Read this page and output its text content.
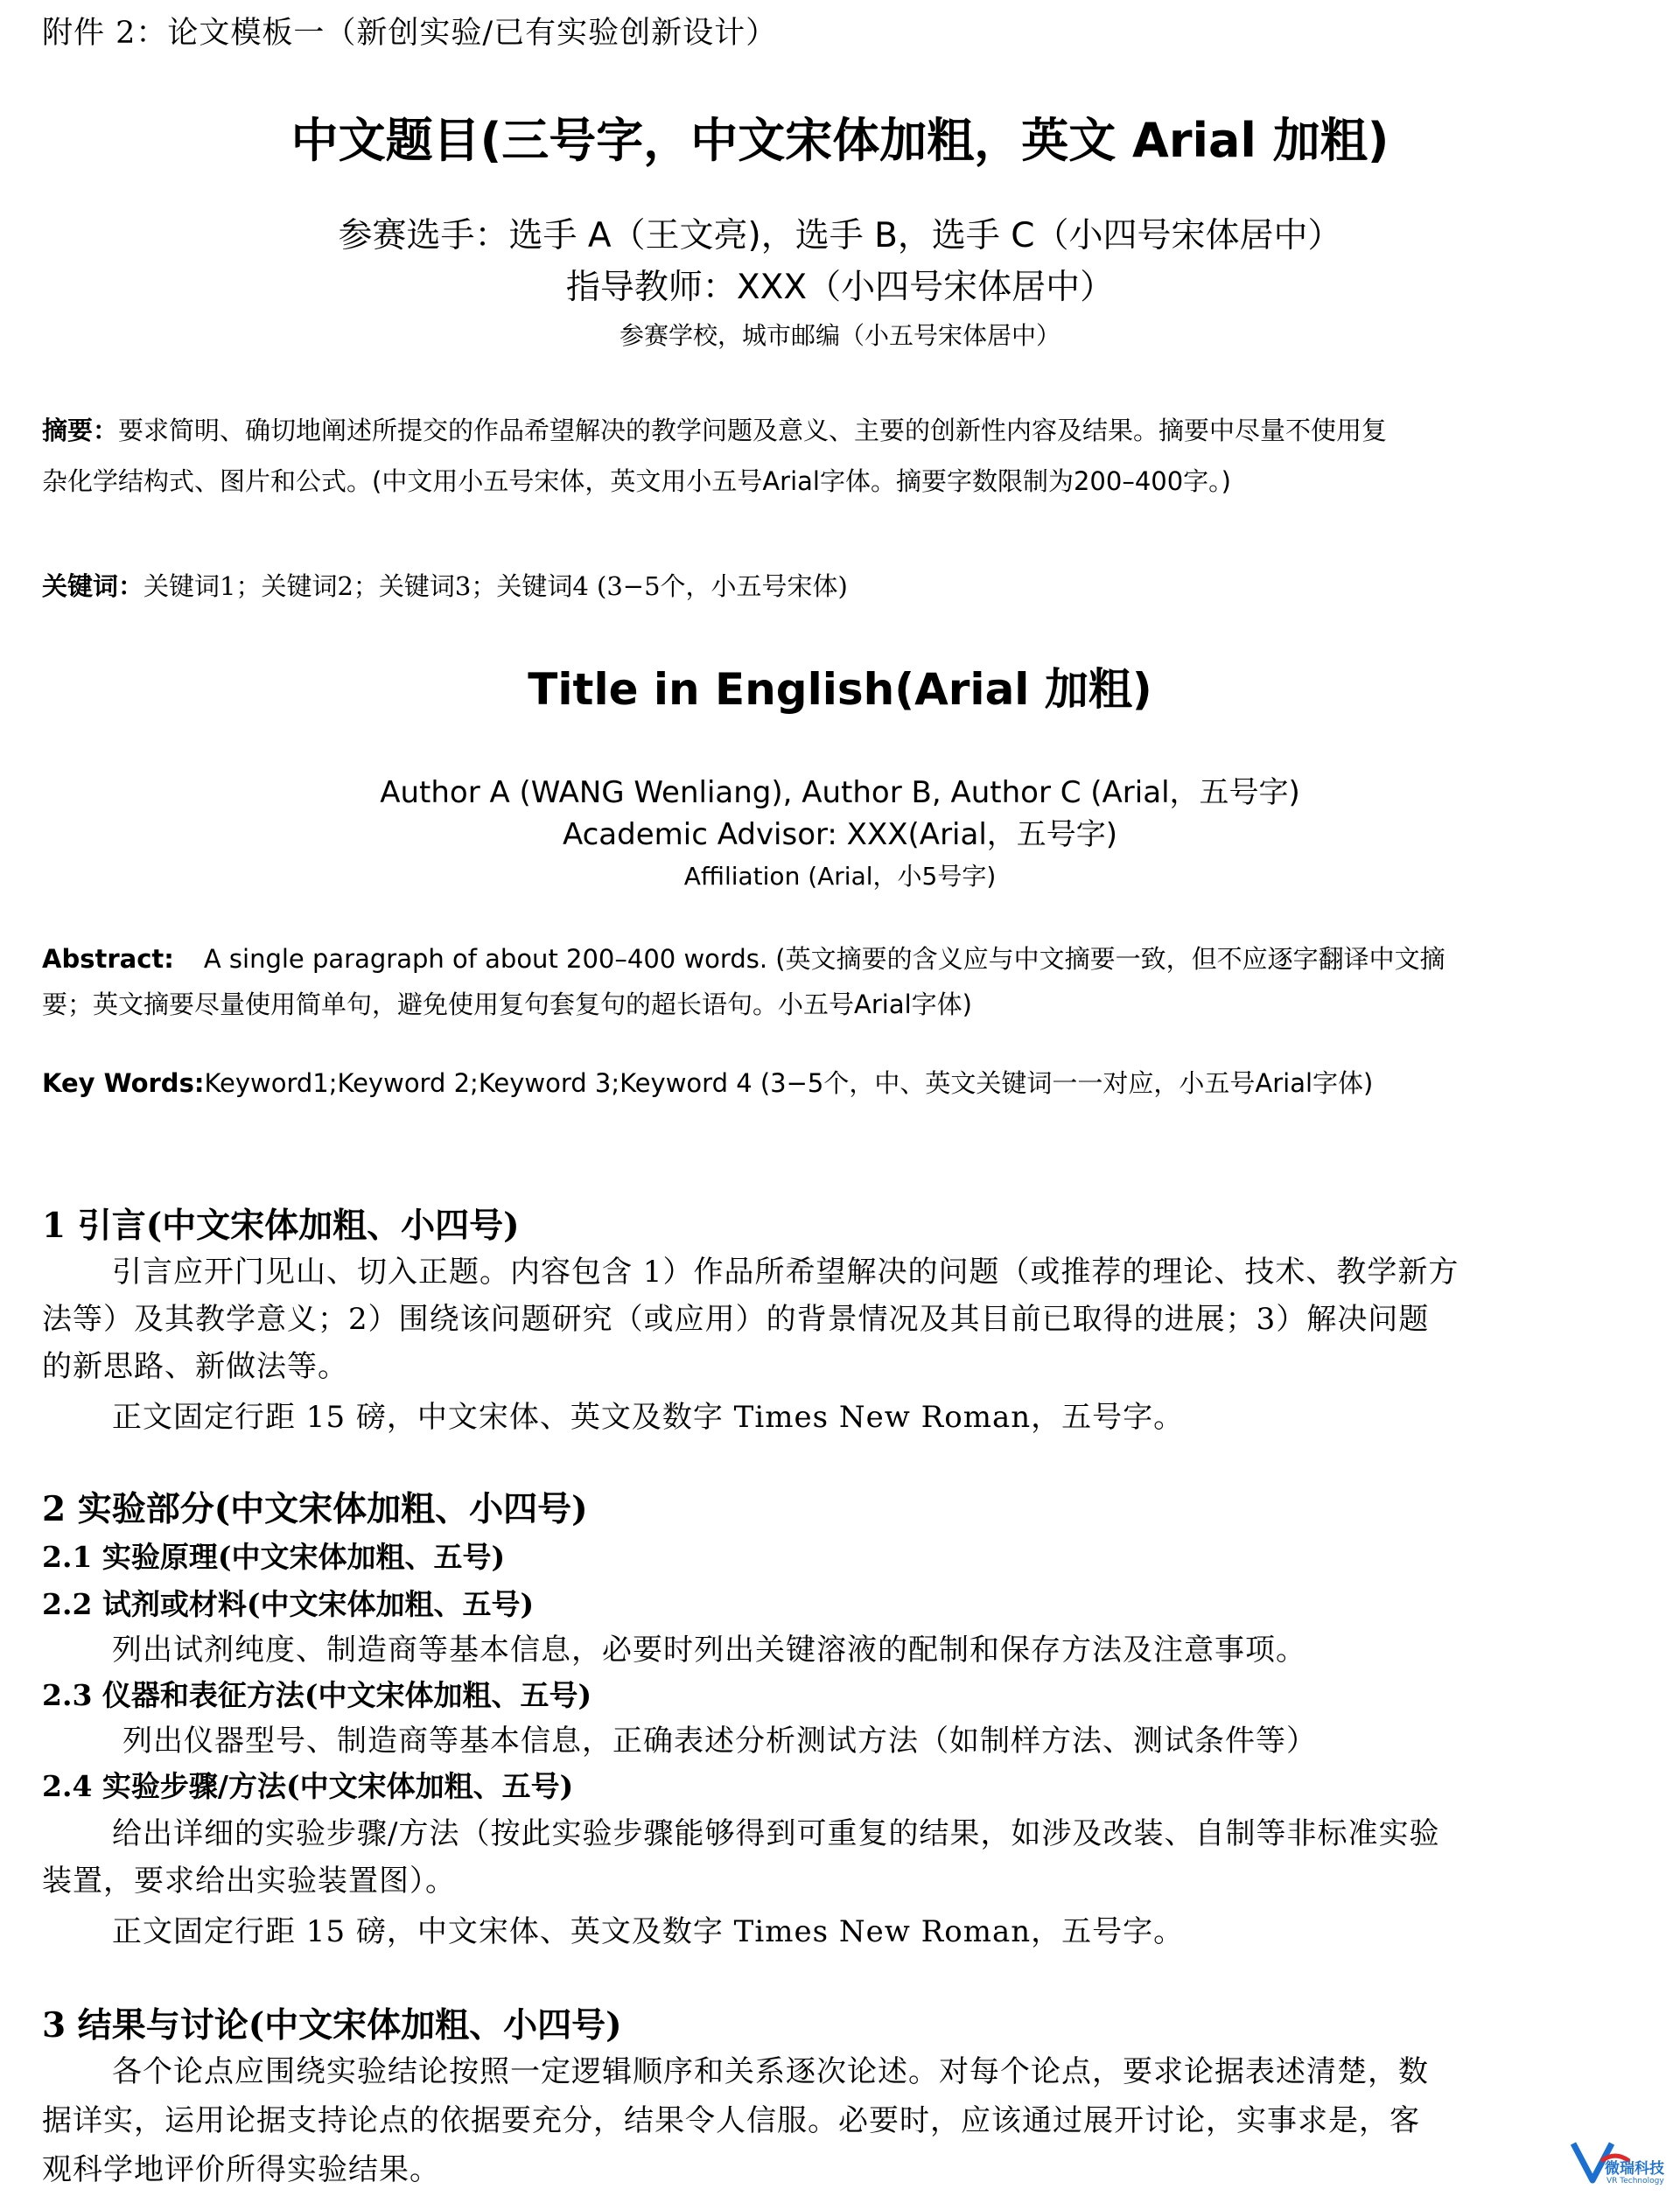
附件 2：论文模板一（新创实验/已有实验创新设计）
中文题目(三号字，中文宋体加粗，英文 Arial 加粗)
参赛选手：选手 A（王文亮)，选手 B，选手 C（小四号宋体居中）
指导教师：XXX（小四号宋体居中）
参赛学校，城市邮编（小五号宋体居中）
摘要：要求简明、确切地阐述所提交的作品希望解决的教学问题及意义、主要的创新性内容及结果。摘要中尽量不使用复
杂化学结构式、图片和公式。(中文用小五号宋体，英文用小五号Arial字体。摘要字数限制为200–400字。)
关键词：关键词1；关键词2；关键词3；关键词4 (3−5个，小五号宋体)
Title in English(Arial 加粗)
Author A (WANG Wenliang), Author B, Author C (Arial，五号字)
Academic Advisor: XXX(Arial，五号字)
Affiliation (Arial，小5号字)
Abstract: A single paragraph of about 200–400 words. (英文摘要的含义应与中文摘要一致，但不应逐字翻译中文摘
要；英文摘要尽量使用简单句，避免使用复句套复句的超长语句。小五号Arial字体)
Key Words:Keyword1;Keyword 2;Keyword 3;Keyword 4 (3−5个，中、英文关键词一一对应，小五号Arial字体)
1 引言(中文宋体加粗、小四号)
引言应开门见山、切入正题。内容包含 1）作品所希望解决的问题（或推荐的理论、技术、教学新方
法等）及其教学意义；2）围绕该问题研究（或应用）的背景情况及其目前已取得的进展；3）解决问题
的新思路、新做法等。
正文固定行距 15 磅，中文宋体、英文及数字 Times New Roman，五号字。
2 实验部分(中文宋体加粗、小四号)
2.1 实验原理(中文宋体加粗、五号)
2.2 试剂或材料(中文宋体加粗、五号)
列出试剂纯度、制造商等基本信息，必要时列出关键溶液的配制和保存方法及注意事项。
2.3 仪器和表征方法(中文宋体加粗、五号)
列出仪器型号、制造商等基本信息，正确表述分析测试方法（如制样方法、测试条件等）
2.4 实验步骤/方法(中文宋体加粗、五号)
给出详细的实验步骤/方法（按此实验步骤能够得到可重复的结果，如涉及改装、自制等非标准实验
装置，要求给出实验装置图）。
正文固定行距 15 磅，中文宋体、英文及数字 Times New Roman，五号字。
3 结果与讨论(中文宋体加粗、小四号)
各个论点应围绕实验结论按照一定逻辑顺序和关系逐次论述。对每个论点，要求论据表述清楚，数
据详实，运用论据支持论点的依据要充分，结果令人信服。必要时，应该通过展开讨论，实事求是，客
观科学地评价所得实验结果。	微瑞科技
VR Technology
